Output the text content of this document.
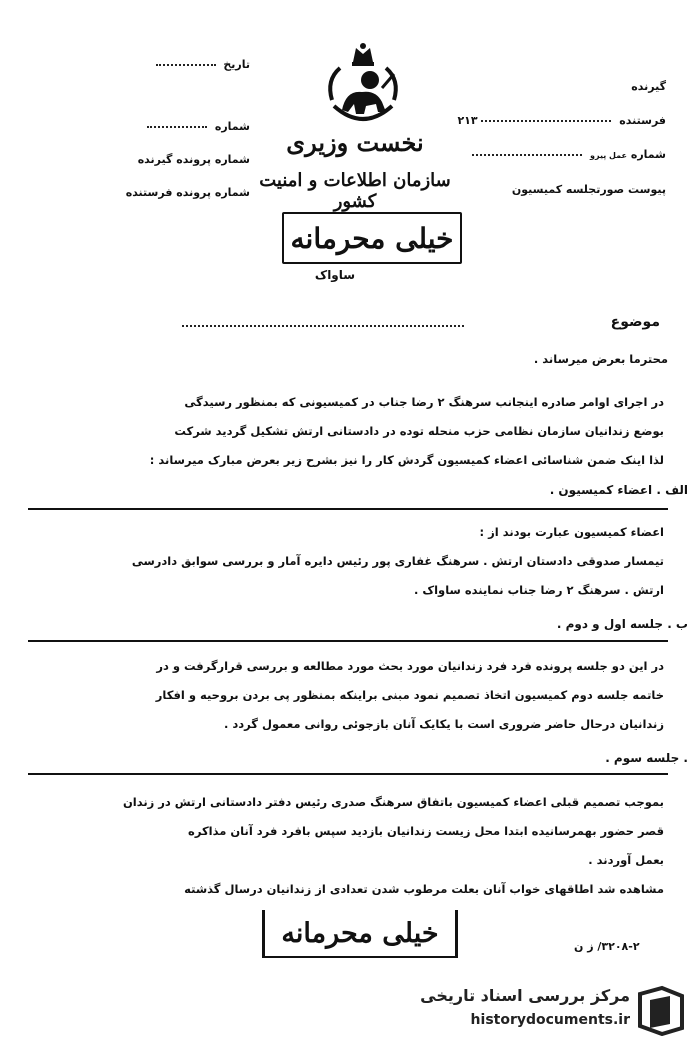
گیرنده
فرستنده  ۲۱۳
شماره عمل پیرو
پیوست صورتجلسه کمیسیون
تاریخ
شماره
شماره پرونده گیرنده
شماره پرونده فرستنده
نخست وزیری
سازمان اطلاعات و امنیت کشور
خیلی محرمانه
ساواک
موضوع
محترما بعرض میرساند .
در اجرای اوامر صادره اینجانب سرهنگ ۲ رضا جناب در کمیسیونی که بمنظور رسیدگی
بوضع زندانیان سازمان نظامی حزب منحله توده در دادستانی ارتش تشکیل گردید شرکت
لذا اینک ضمن شناسائی اعضاء کمیسیون گردش کار را نیز بشرح زیر بعرض مبارک میرساند :
الف . اعضاء کمیسیون .
اعضاء کمیسیون عبارت بودند از :
تیمسار صدوقی دادستان ارتش . سرهنگ غفاری پور رئیس دایره آمار و بررسی سوابق دادرسی
ارتش . سرهنگ ۲ رضا جناب نماینده ساواک .
ب . جلسه اول و دوم .
در این دو جلسه پرونده فرد فرد زندانیان مورد بحث مورد مطالعه و بررسی قرارگرفت و در
خاتمه جلسه دوم کمیسیون اتخاذ تصمیم نمود مبنی براینکه بمنظور پی بردن بروحیه و افکار
زندانیان درحال حاضر ضروری است با یکایک آنان بازجوئی روانی معمول گردد .
. جلسه سوم .
بموجب تصمیم قبلی اعضاء کمیسیون باتفاق سرهنگ صدری رئیس دفتر دادستانی ارتش در زندان
قصر حضور بهمرسانیده ابتدا محل زیست زندانیان بازدید سپس بافرد فرد آنان مذاکره
بعمل آوردند .
مشاهده شد اطاقهای خواب آنان بعلت مرطوب شدن تعدادی از زندانیان درسال گذشته
خیلی محرمانه	۳۲۰۸-۲/ ز ن
مرکز بررسی اسناد تاریخی
historydocuments.ir
